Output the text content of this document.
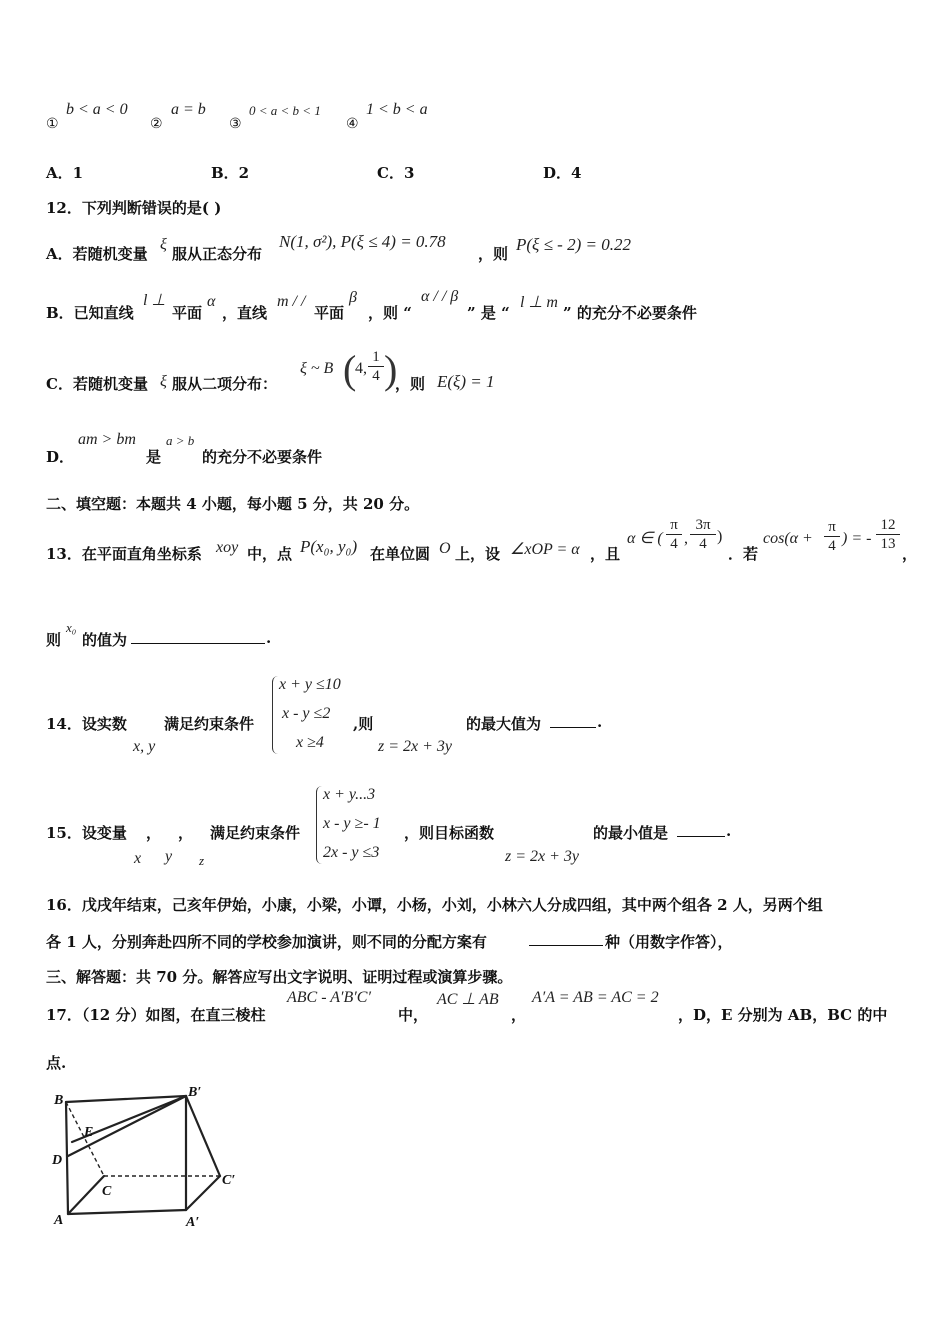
①
b < a < 0
②
a = b
③
0 < a < b < 1
④
1 < b < a
A．1	B．2	C．3	D．4
12．下列判断错误的是( )
A．若随机变量
ξ
服从正态分布
N(1, σ²), P(ξ ≤ 4) = 0.78
，则 P(ξ ≤ - 2) = 0.22
B．已知直线
l ⊥
平面
α
，直线
m / /
平面
β
，则 “
α / / β
” 是 “
l ⊥ m
” 的充分不必要条件
C．若随机变量 ξ 服从二项分布：
ξ ~ B (
4, $\frac{1}{4}$ )
，则 E(ξ) = 1
D．
am > bm
是
a > b
的充分不必要条件
二、填空题：本题共 4 小题，每小题 5 分，共 20 分。
13．在平面直角坐标系 xoy 中，点 P(x₀, y₀) 在单位圆 O 上，设 ∠xOP = α ，且
α ∈ ( $\frac{\pi}{4}$ , $\frac{3\pi}{4}$ )
．若
$\cos(\alpha + \frac{\pi}{4}$ ) = - $\frac{12}{13}$
，
则
x₀
的值为	.
14．设实数
x, y
满足约束条件
x + y ≤10
x - y ≤2
x ≥4
,则
z = 2x + 3y
的最大值为	.
15．设变量
x
，
y
，
z
满足约束条件
x + y...3
x - y ≥- 1
2x - y ≤3
，则目标函数
z = 2x + 3y
的最小值是	.
16．戊戌年结束，己亥年伊始，小康，小梁，小谭，小杨，小刘，小林六人分成四组，其中两个组各 2 人，另两个组
各 1 人，分别奔赴四所不同的学校参加演讲，则不同的分配方案有	种（用数字作答），
三、解答题：共 70 分。解答应写出文字说明、证明过程或演算步骤。
17．（12 分）如图，在直三棱柱
ABC - A′B′C′
中，
AC ⊥ AB
，
A′A = AB = AC = 2
，D，E 分别为 AB，BC 的中
点.
B
B′
E
D
C
C′
A	A′
